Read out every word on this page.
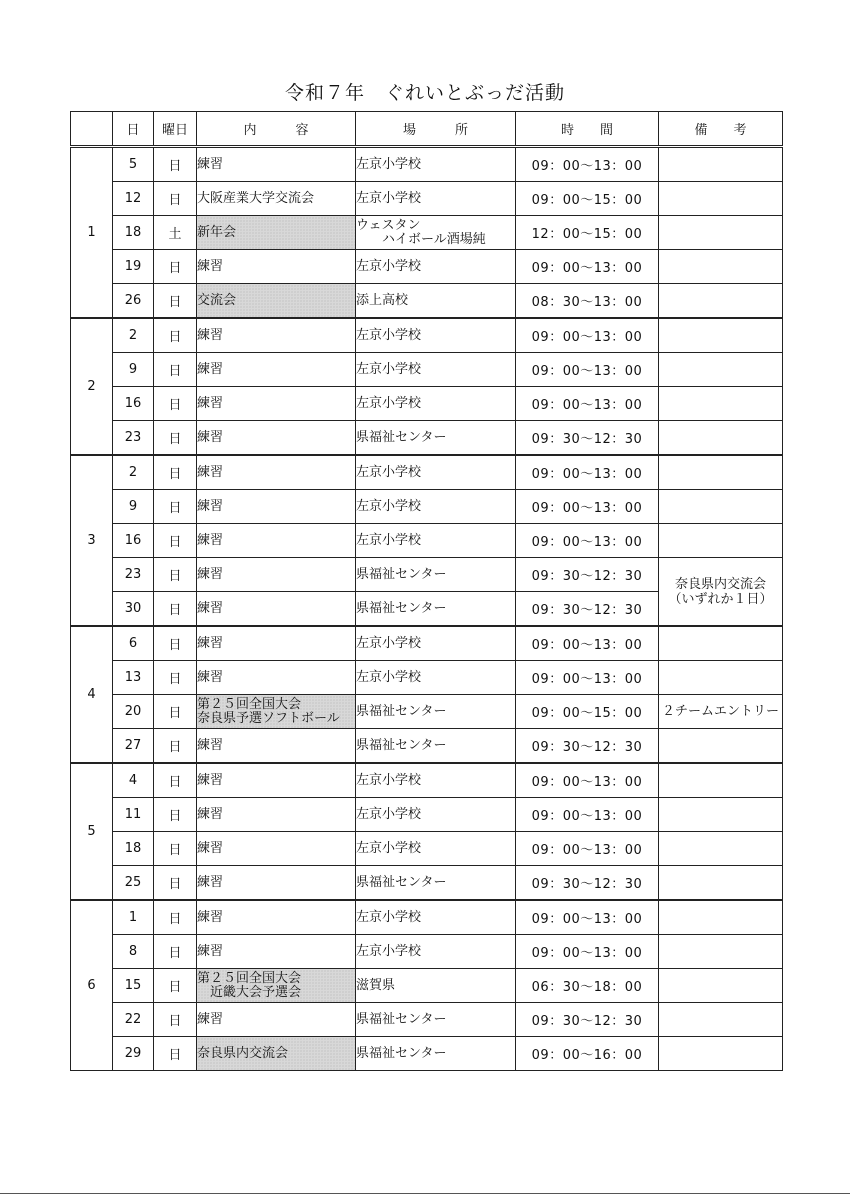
令和７年　ぐれいとぶっだ活動
	日	曜日	内　　　容	場　　　所	時　　間	備　　考
1	5	日	練習	左京小学校	09：00～13：00	

	12	日	大阪産業大学交流会	左京小学校	09：00～15：00	

	18	土	新年会	ウェスタン
　　ハイボール酒場純	12：00～15：00	

	19	日	練習	左京小学校	09：00～13：00	

	26	日	交流会	添上高校	08：30～13：00	

2	2	日	練習	左京小学校	09：00～13：00	

	9	日	練習	左京小学校	09：00～13：00	

	16	日	練習	左京小学校	09：00～13：00	

	23	日	練習	県福祉センター	09：30～12：30	

3	2	日	練習	左京小学校	09：00～13：00	

	9	日	練習	左京小学校	09：00～13：00	

	16	日	練習	左京小学校	09：00～13：00	

	23	日	練習	県福祉センター	09：30～12：30	奈良県内交流会
（いずれか１日）

	30	日	練習	県福祉センター	09：30～12：30	
4	6	日	練習	左京小学校	09：00～13：00	

	13	日	練習	左京小学校	09：00～13：00	

	20	日	第２５回全国大会
奈良県予選ソフトボール	県福祉センター	09：00～15：00	２チームエントリー

	27	日	練習	県福祉センター	09：30～12：30	

5	4	日	練習	左京小学校	09：00～13：00	

	11	日	練習	左京小学校	09：00～13：00	

	18	日	練習	左京小学校	09：00～13：00	

	25	日	練習	県福祉センター	09：30～12：30	

6	1	日	練習	左京小学校	09：00～13：00	

	8	日	練習	左京小学校	09：00～13：00	

	15	日	第２５回全国大会
　近畿大会予選会	滋賀県	06：30～18：00	

	22	日	練習	県福祉センター	09：30～12：30	

	29	日	奈良県内交流会	県福祉センター	09：00～16：00	
